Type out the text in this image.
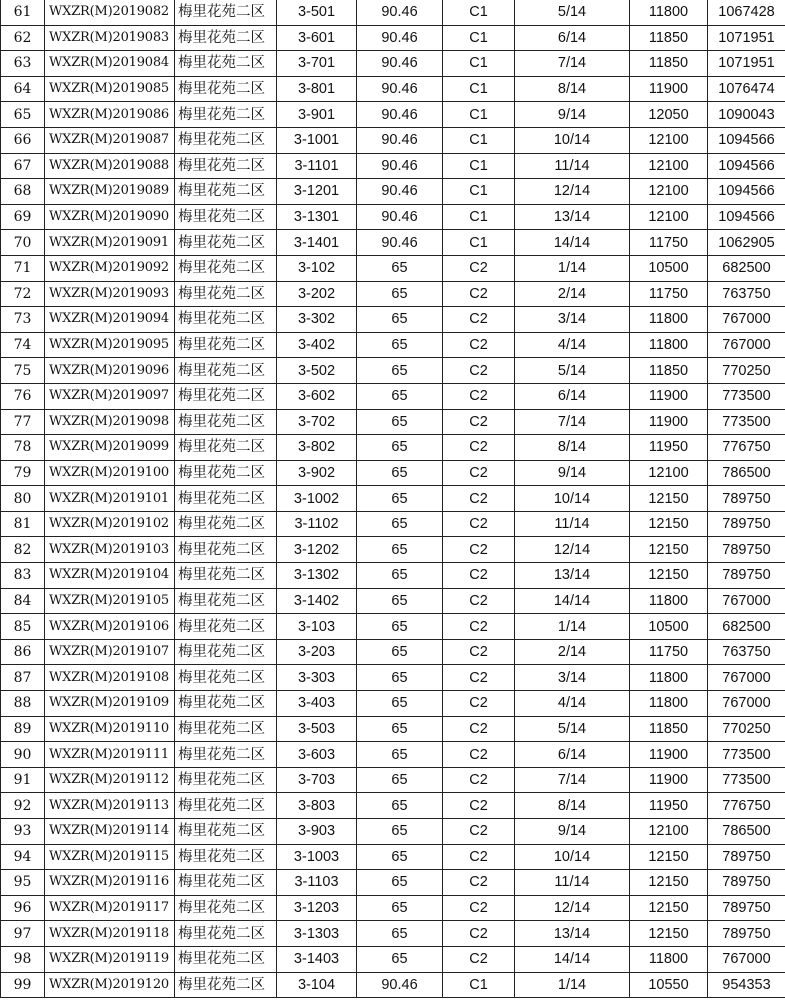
61	WXZR(M)2019082	梅里花苑二区	3-501	90.46	C1	5/14	11800	1067428
62	WXZR(M)2019083	梅里花苑二区	3-601	90.46	C1	6/14	11850	1071951
63	WXZR(M)2019084	梅里花苑二区	3-701	90.46	C1	7/14	11850	1071951
64	WXZR(M)2019085	梅里花苑二区	3-801	90.46	C1	8/14	11900	1076474
65	WXZR(M)2019086	梅里花苑二区	3-901	90.46	C1	9/14	12050	1090043
66	WXZR(M)2019087	梅里花苑二区	3-1001	90.46	C1	10/14	12100	1094566
67	WXZR(M)2019088	梅里花苑二区	3-1101	90.46	C1	11/14	12100	1094566
68	WXZR(M)2019089	梅里花苑二区	3-1201	90.46	C1	12/14	12100	1094566
69	WXZR(M)2019090	梅里花苑二区	3-1301	90.46	C1	13/14	12100	1094566
70	WXZR(M)2019091	梅里花苑二区	3-1401	90.46	C1	14/14	11750	1062905
71	WXZR(M)2019092	梅里花苑二区	3-102	65	C2	1/14	10500	682500
72	WXZR(M)2019093	梅里花苑二区	3-202	65	C2	2/14	11750	763750
73	WXZR(M)2019094	梅里花苑二区	3-302	65	C2	3/14	11800	767000
74	WXZR(M)2019095	梅里花苑二区	3-402	65	C2	4/14	11800	767000
75	WXZR(M)2019096	梅里花苑二区	3-502	65	C2	5/14	11850	770250
76	WXZR(M)2019097	梅里花苑二区	3-602	65	C2	6/14	11900	773500
77	WXZR(M)2019098	梅里花苑二区	3-702	65	C2	7/14	11900	773500
78	WXZR(M)2019099	梅里花苑二区	3-802	65	C2	8/14	11950	776750
79	WXZR(M)2019100	梅里花苑二区	3-902	65	C2	9/14	12100	786500
80	WXZR(M)2019101	梅里花苑二区	3-1002	65	C2	10/14	12150	789750
81	WXZR(M)2019102	梅里花苑二区	3-1102	65	C2	11/14	12150	789750
82	WXZR(M)2019103	梅里花苑二区	3-1202	65	C2	12/14	12150	789750
83	WXZR(M)2019104	梅里花苑二区	3-1302	65	C2	13/14	12150	789750
84	WXZR(M)2019105	梅里花苑二区	3-1402	65	C2	14/14	11800	767000
85	WXZR(M)2019106	梅里花苑二区	3-103	65	C2	1/14	10500	682500
86	WXZR(M)2019107	梅里花苑二区	3-203	65	C2	2/14	11750	763750
87	WXZR(M)2019108	梅里花苑二区	3-303	65	C2	3/14	11800	767000
88	WXZR(M)2019109	梅里花苑二区	3-403	65	C2	4/14	11800	767000
89	WXZR(M)2019110	梅里花苑二区	3-503	65	C2	5/14	11850	770250
90	WXZR(M)2019111	梅里花苑二区	3-603	65	C2	6/14	11900	773500
91	WXZR(M)2019112	梅里花苑二区	3-703	65	C2	7/14	11900	773500
92	WXZR(M)2019113	梅里花苑二区	3-803	65	C2	8/14	11950	776750
93	WXZR(M)2019114	梅里花苑二区	3-903	65	C2	9/14	12100	786500
94	WXZR(M)2019115	梅里花苑二区	3-1003	65	C2	10/14	12150	789750
95	WXZR(M)2019116	梅里花苑二区	3-1103	65	C2	11/14	12150	789750
96	WXZR(M)2019117	梅里花苑二区	3-1203	65	C2	12/14	12150	789750
97	WXZR(M)2019118	梅里花苑二区	3-1303	65	C2	13/14	12150	789750
98	WXZR(M)2019119	梅里花苑二区	3-1403	65	C2	14/14	11800	767000
99	WXZR(M)2019120	梅里花苑二区	3-104	90.46	C1	1/14	10550	954353
